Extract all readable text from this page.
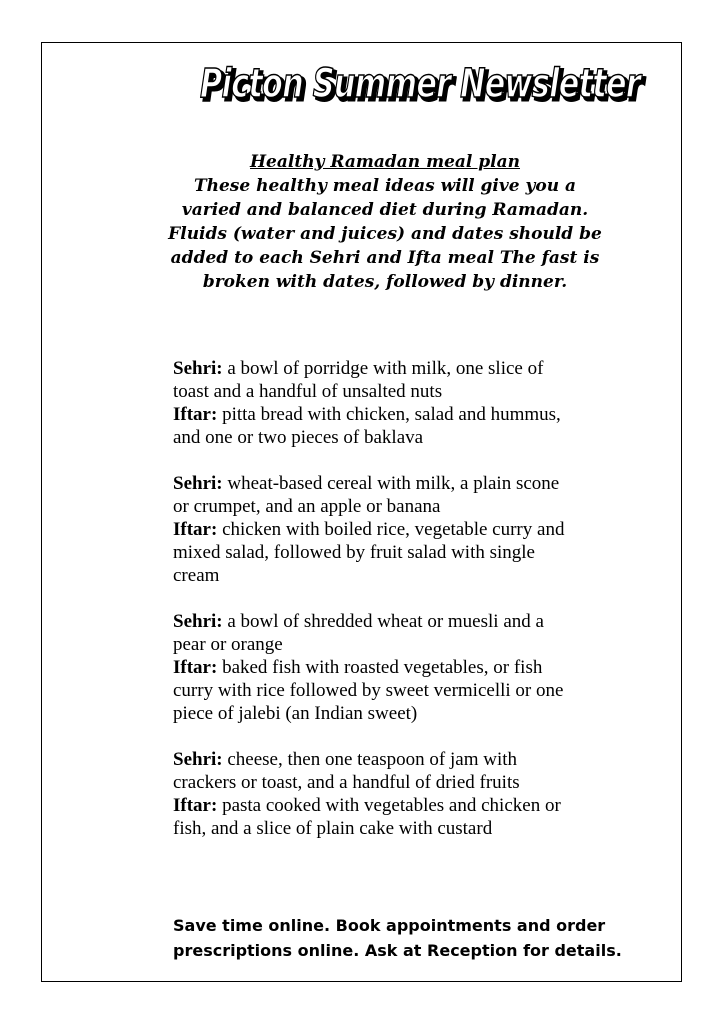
Picton Summer Newsletter
Picton Summer Newsletter
Healthy Ramadan meal plan
These healthy meal ideas will give you a
varied and balanced diet during Ramadan.
Fluids (water and juices) and dates should be
added to each Sehri and Ifta meal The fast is
broken with dates, followed by dinner.
Sehri: a bowl of porridge with milk, one slice of
toast and a handful of unsalted nuts
Iftar: pitta bread with chicken, salad and hummus,
and one or two pieces of baklava
Sehri: wheat-based cereal with milk, a plain scone
or crumpet, and an apple or banana
Iftar: chicken with boiled rice, vegetable curry and
mixed salad, followed by fruit salad with single
cream
Sehri: a bowl of shredded wheat or muesli and a
pear or orange
Iftar: baked fish with roasted vegetables, or fish
curry with rice followed by sweet vermicelli or one
piece of jalebi (an Indian sweet)
Sehri: cheese, then one teaspoon of jam with
crackers or toast, and a handful of dried fruits
Iftar: pasta cooked with vegetables and chicken or
fish, and a slice of plain cake with custard
Save time online. Book appointments and order
prescriptions online. Ask at Reception for details.
